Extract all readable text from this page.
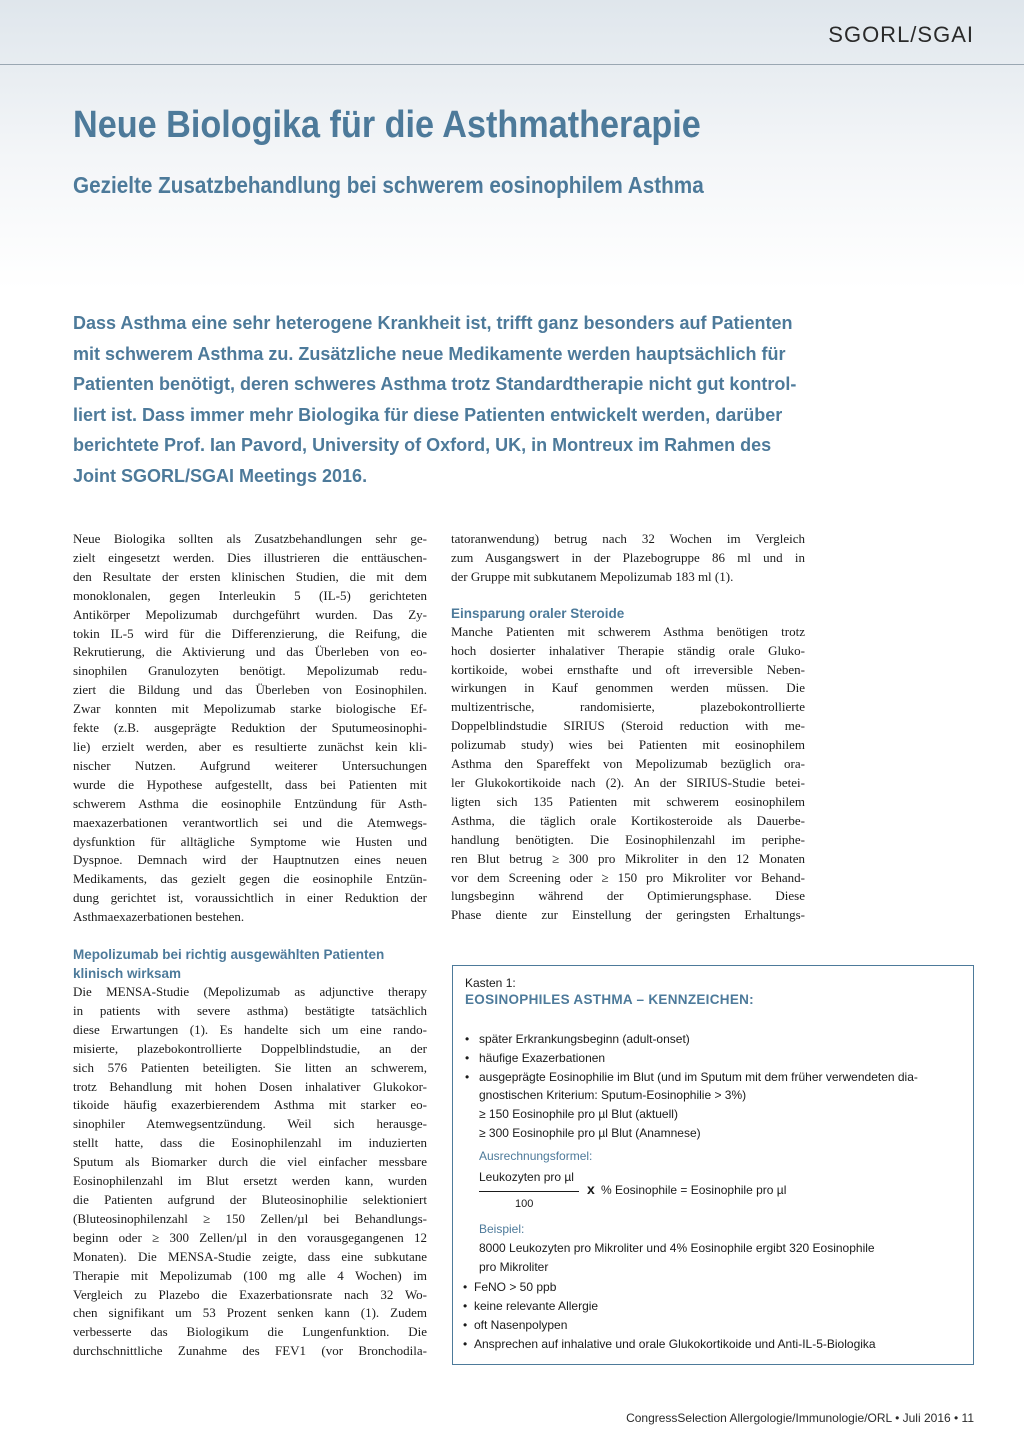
SGORL/SGAI
Neue Biologika für die Asthmatherapie
Gezielte Zusatzbehandlung bei schwerem eosinophilem Asthma

Dass Asthma eine sehr heterogene Krankheit ist, trifft ganz besonders auf Patienten
mit schwerem Asthma zu. Zusätzliche neue Medikamente werden hauptsächlich für
Patienten benötigt, deren schweres Asthma trotz Standardtherapie nicht gut kontrol-
liert ist. Dass immer mehr Biologika für diese Patienten entwickelt werden, darüber
berichtete Prof. Ian Pavord, University of Oxford, UK, in Montreux im Rahmen des
Joint SGORL/SGAI Meetings 2016.

Neue Biologika sollten als Zusatzbehandlungen sehr ge-
zielt eingesetzt werden. Dies illustrieren die enttäuschen-
den Resultate der ersten klinischen Studien, die mit dem
monoklonalen, gegen Interleukin 5 (IL-5) gerichteten
Antikörper Mepolizumab durchgeführt wurden. Das Zy-
tokin IL-5 wird für die Differenzierung, die Reifung, die
Rekrutierung, die Aktivierung und das Überleben von eo-
sinophilen Granulozyten benötigt. Mepolizumab redu-
ziert die Bildung und das Überleben von Eosinophilen.
Zwar konnten mit Mepolizumab starke biologische Ef-
fekte (z.B. ausgeprägte Reduktion der Sputumeosinophi-
lie) erzielt werden, aber es resultierte zunächst kein kli-
nischer Nutzen. Aufgrund weiterer Untersuchungen
wurde die Hypothese aufgestellt, dass bei Patienten mit
schwerem Asthma die eosinophile Entzündung für Asth-
maexazerbationen verantwortlich sei und die Atemwegs-
dysfunktion für alltägliche Symptome wie Husten und
Dyspnoe. Demnach wird der Hauptnutzen eines neuen
Medikaments, das gezielt gegen die eosinophile Entzün-
dung gerichtet ist, voraussichtlich in einer Reduktion der
Asthmaexazerbationen bestehen.
Mepolizumab bei richtig ausgewählten Patienten
klinisch wirksam
Die MENSA-Studie (Mepolizumab as adjunctive therapy
in patients with severe asthma) bestätigte tatsächlich
diese Erwartungen (1). Es handelte sich um eine rando-
misierte, plazebokontrollierte Doppelblindstudie, an der
sich 576 Patienten beteiligten. Sie litten an schwerem,
trotz Behandlung mit hohen Dosen inhalativer Glukokor-
tikoide häufig exazerbierendem Asthma mit starker eo-
sinophiler Atemwegsentzündung. Weil sich herausge-
stellt hatte, dass die Eosinophilenzahl im induzierten
Sputum als Biomarker durch die viel einfacher messbare
Eosinophilenzahl im Blut ersetzt werden kann, wurden
die Patienten aufgrund der Bluteosinophilie selektioniert
(Bluteosinophilenzahl ≥ 150 Zellen/µl bei Behandlungs-
beginn oder ≥ 300 Zellen/µl in den vorausgegangenen 12
Monaten). Die MENSA-Studie zeigte, dass eine subkutane
Therapie mit Mepolizumab (100 mg alle 4 Wochen) im
Vergleich zu Plazebo die Exazerbationsrate nach 32 Wo-
chen signifikant um 53 Prozent senken kann (1). Zudem
verbesserte das Biologikum die Lungenfunktion. Die
durchschnittliche Zunahme des FEV1 (vor Bronchodila-
tatoranwendung) betrug nach 32 Wochen im Vergleich
zum Ausgangswert in der Plazebogruppe 86 ml und in
der Gruppe mit subkutanem Mepolizumab 183 ml (1).
Einsparung oraler Steroide
Manche Patienten mit schwerem Asthma benötigen trotz
hoch dosierter inhalativer Therapie ständig orale Gluko-
kortikoide, wobei ernsthafte und oft irreversible Neben-
wirkungen in Kauf genommen werden müssen. Die
multizentrische, randomisierte, plazebokontrollierte
Doppelblindstudie SIRIUS (Steroid reduction with me-
polizumab study) wies bei Patienten mit eosinophilem
Asthma den Spareffekt von Mepolizumab bezüglich ora-
ler Glukokortikoide nach (2). An der SIRIUS-Studie betei-
ligten sich 135 Patienten mit schwerem eosinophilem
Asthma, die täglich orale Kortikosteroide als Dauerbe-
handlung benötigten. Die Eosinophilenzahl im periphe-
ren Blut betrug ≥ 300 pro Mikroliter in den 12 Monaten
vor dem Screening oder ≥ 150 pro Mikroliter vor Behand-
lungsbeginn während der Optimierungsphase. Diese
Phase diente zur Einstellung der geringsten Erhaltungs-
Kasten 1:
EOSINOPHILES ASTHMA – KENNZEICHEN:
• später Erkrankungsbeginn (adult-onset)
• häufige Exazerbationen
• ausgeprägte Eosinophilie im Blut (und im Sputum mit dem früher verwendeten dia-
gnostischen Kriterium: Sputum-Eosinophilie > 3%)
≥ 150 Eosinophile pro µl Blut (aktuell)
≥ 300 Eosinophile pro µl Blut (Anamnese)
Ausrechnungsformel:
Leukozyten pro µl
x % Eosinophile = Eosinophile pro µl
100
Beispiel:
8000 Leukozyten pro Mikroliter und 4% Eosinophile ergibt 320 Eosinophile
pro Mikroliter
• FeNO > 50 ppb
• keine relevante Allergie
• oft Nasenpolypen
• Ansprechen auf inhalative und orale Glukokortikoide und Anti-IL-5-Biologika
CongressSelection Allergologie/Immunologie/ORL • Juli 2016 • 11
